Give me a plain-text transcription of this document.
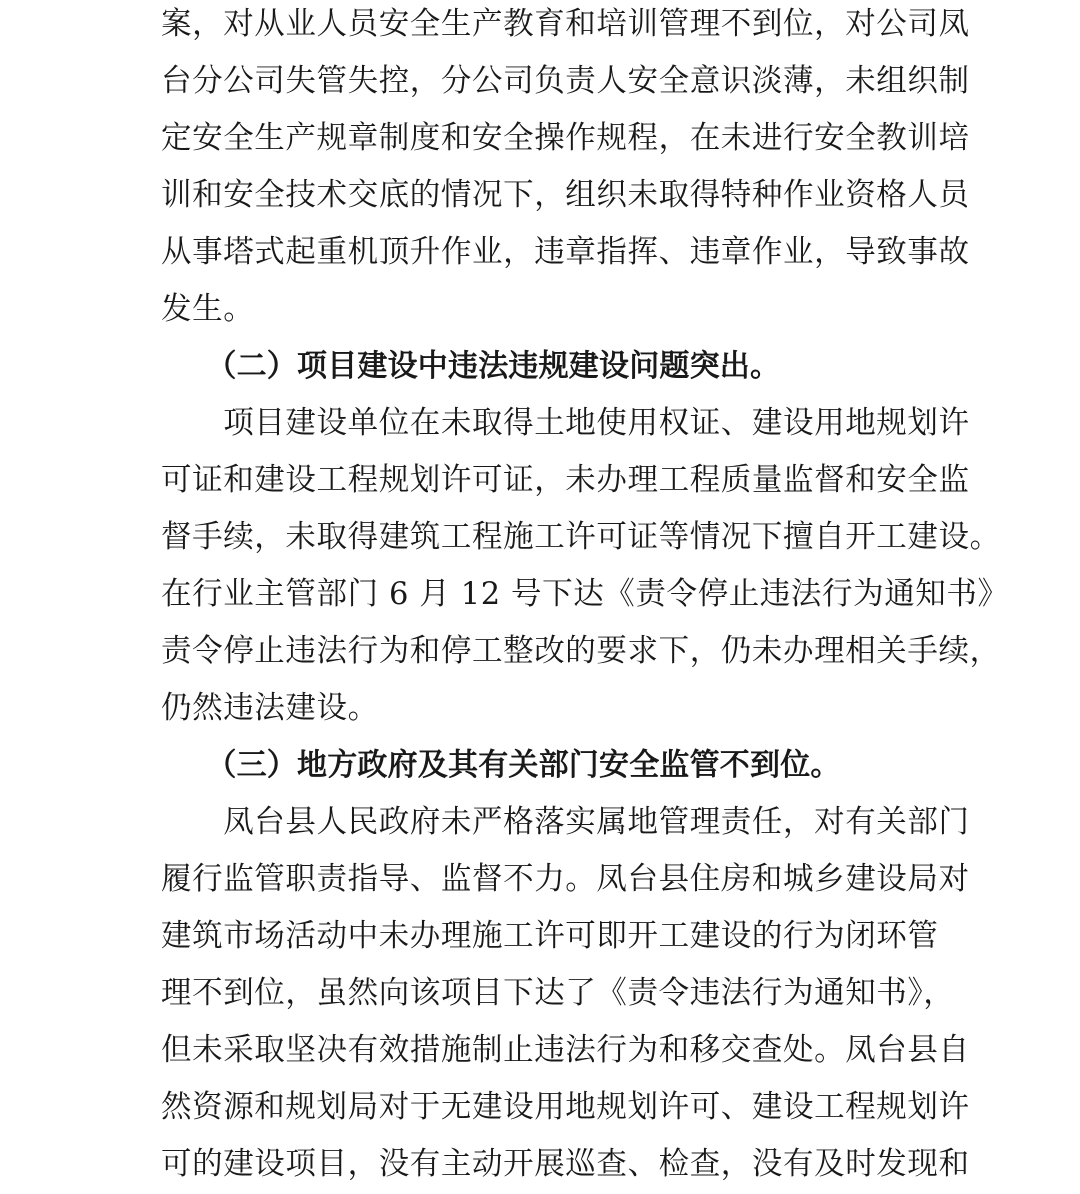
案，对从业人员安全生产教育和培训管理不到位，对公司凤
台分公司失管失控，分公司负责人安全意识淡薄，未组织制
定安全生产规章制度和安全操作规程，在未进行安全教训培
训和安全技术交底的情况下，组织未取得特种作业资格人员
从事塔式起重机顶升作业，违章指挥、违章作业，导致事故
发生。
　　（二）项目建设中违法违规建设问题突出。
　　项目建设单位在未取得土地使用权证、建设用地规划许
可证和建设工程规划许可证，未办理工程质量监督和安全监
督手续，未取得建筑工程施工许可证等情况下擅自开工建设。
在行业主管部门 6 月 12 号下达《责令停止违法行为通知书》
责令停止违法行为和停工整改的要求下，仍未办理相关手续，
仍然违法建设。
　　（三）地方政府及其有关部门安全监管不到位。
　　凤台县人民政府未严格落实属地管理责任，对有关部门
履行监管职责指导、监督不力。凤台县住房和城乡建设局对
建筑市场活动中未办理施工许可即开工建设的行为闭环管
理不到位，虽然向该项目下达了《责令违法行为通知书》，
但未采取坚决有效措施制止违法行为和移交查处。凤台县自
然资源和规划局对于无建设用地规划许可、建设工程规划许
可的建设项目，没有主动开展巡查、检查，没有及时发现和
